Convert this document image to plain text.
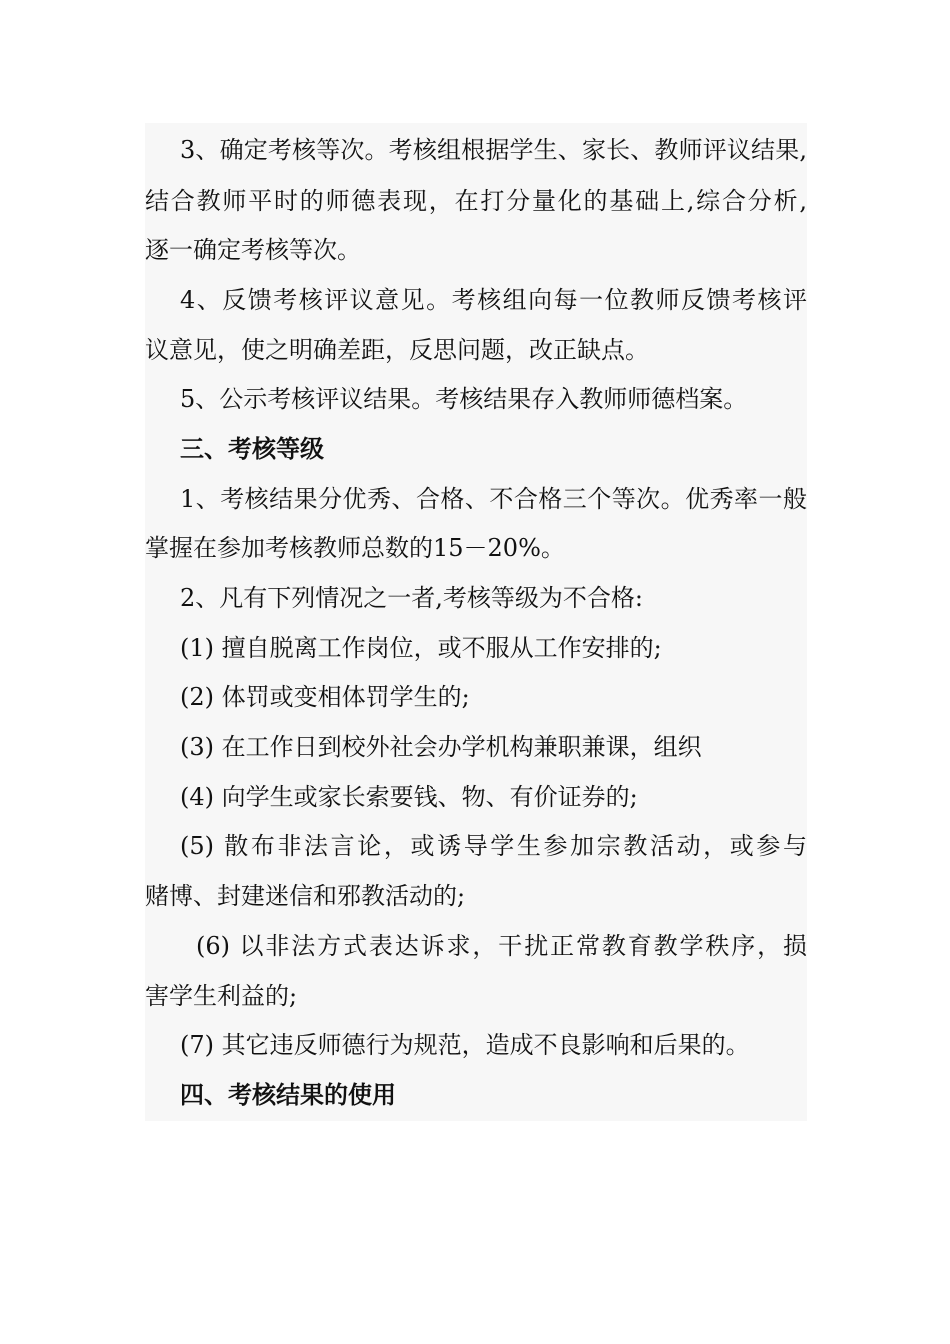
3、确定考核等次。考核组根据学生、家长、教师评议结果,
结合教师平时的师德表现，在打分量化的基础上,综合分析,
逐一确定考核等次。
4、反馈考核评议意见。考核组向每一位教师反馈考核评
议意见，使之明确差距，反思问题，改正缺点。
5、公示考核评议结果。考核结果存入教师师德档案。
三、考核等级
1、考核结果分优秀、合格、不合格三个等次。优秀率一般
掌握在参加考核教师总数的15－20%。
2、凡有下列情况之一者,考核等级为不合格:
(1) 擅自脱离工作岗位，或不服从工作安排的;
(2) 体罚或变相体罚学生的;
(3) 在工作日到校外社会办学机构兼职兼课，组织
(4) 向学生或家长索要钱、物、有价证券的;
(5) 散布非法言论，或诱导学生参加宗教活动，或参与
赌博、封建迷信和邪教活动的;
(6) 以非法方式表达诉求，干扰正常教育教学秩序，损
害学生利益的;
(7) 其它违反师德行为规范，造成不良影响和后果的。
四、考核结果的使用
